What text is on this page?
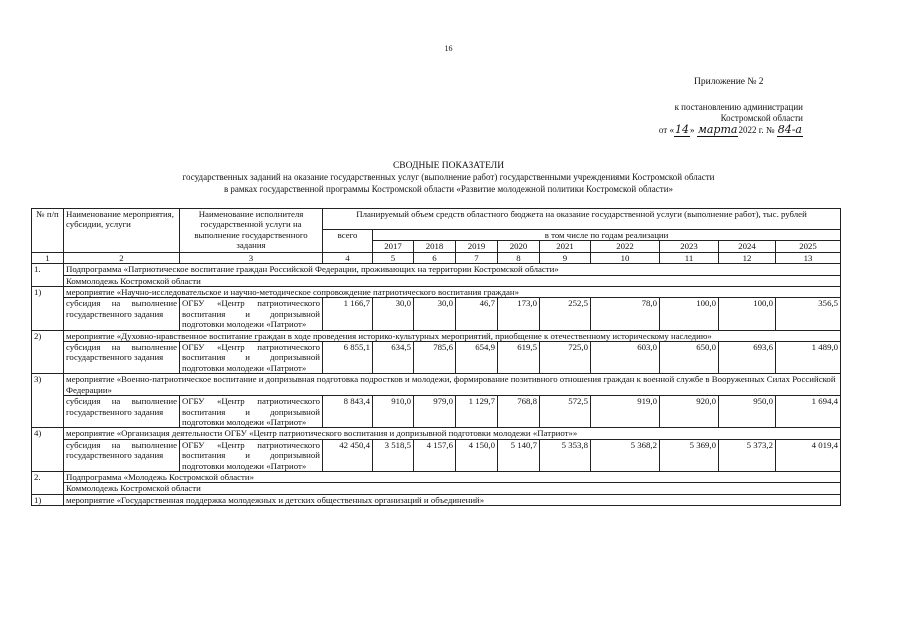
16
Приложение № 2
к постановлению администрации
Костромской области
от «14» марта2022 г. № 84-а
СВОДНЫЕ ПОКАЗАТЕЛИ
государственных заданий на оказание государственных услуг (выполнение работ) государственными учреждениями Костромской области
в рамках государственной программы Костромской области «Развитие молодежной политики Костромской области»
№ п/п	Наименование мероприятия, субсидии, услуги	Наименование исполнителя государственной услуги на выполнение государственного задания	Планируемый объем средств областного бюджета на оказание государственной услуги (выполнение работ), тыс. рублей									
			всего	в том числе по годам реализации								
				2017	2018	2019	2020	2021	2022	2023	2024	2025
1	2	3	4	5	6	7	8	9	10	11	12	13
1.	Подпрограмма «Патриотическое воспитание граждан Российской Федерации, проживающих на территории Костромской области»											
	Коммолодежь Костромской области											
1)	мероприятие «Научно-исследовательское и научно-методическое сопровождение патриотического воспитания граждан»											
	субсидия на выполнение государственного задания	ОГБУ «Центр патриотического воспитания и допризывной подготовки молодежи «Патриот»	1 166,7	30,0	30,0	46,7	173,0	252,5	78,0	100,0	100,0	356,5
2)	мероприятие «Духовно-нравственное воспитание граждан в ходе проведения историко-культурных мероприятий, приобщение к отечественному историческому наследию»											
	субсидия на выполнение государственного задания	ОГБУ «Центр патриотического воспитания и допризывной подготовки молодежи «Патриот»	6 855,1	634,5	785,6	654,9	619,5	725,0	603,0	650,0	693,6	1 489,0
3)	мероприятие «Военно-патриотическое воспитание и допризывная подготовка подростков и молодежи, формирование позитивного отношения граждан к военной службе в Вооруженных Силах Российской Федерации»											
	субсидия на выполнение государственного задания	ОГБУ «Центр патриотического воспитания и допризывной подготовки молодежи «Патриот»	8 843,4	910,0	979,0	1 129,7	768,8	572,5	919,0	920,0	950,0	1 694,4
4)	мероприятие «Организация деятельности ОГБУ «Центр патриотического воспитания и допризывной подготовки молодежи «Патриот»»											
	субсидия на выполнение государственного задания	ОГБУ «Центр патриотического воспитания и допризывной подготовки молодежи «Патриот»	42 450,4	3 518,5	4 157,6	4 150,0	5 140,7	5 353,8	5 368,2	5 369,0	5 373,2	4 019,4
2.	Подпрограмма «Молодежь Костромской области»											
	Коммолодежь Костромской области											
1)	мероприятие «Государственная поддержка молодежных и детских общественных организаций и объединений»											
